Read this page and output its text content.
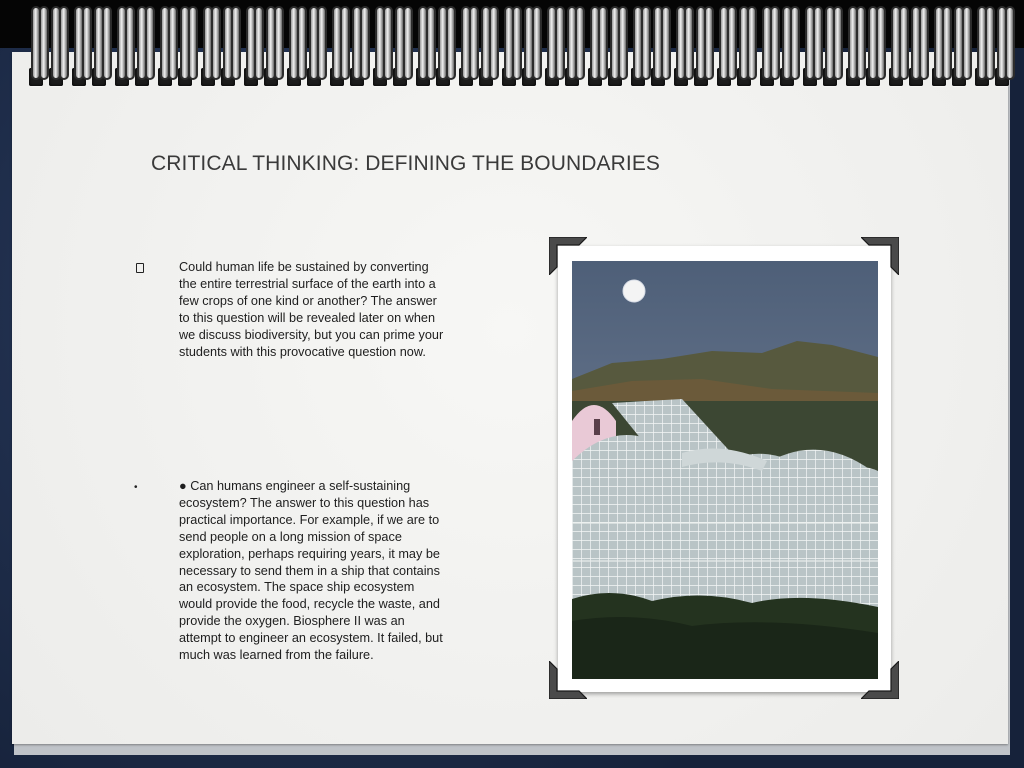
CRITICAL THINKING: DEFINING THE BOUNDARIES

Could human life be sustained by converting the entire terrestrial surface of the earth into a few crops of one kind or another? The answer to this question will be revealed later on when we discuss biodiversity, but you can prime your students with this provocative question now.

•	● Can humans engineer a self-sustaining ecosystem? The answer to this question has practical importance. For example, if we are to send people on a long mission of space exploration, perhaps requiring years, it may be necessary to send them in a ship that contains an ecosystem. The space ship ecosystem would provide the food, recycle the waste, and provide the oxygen. Biosphere II was an attempt to engineer an ecosystem. It failed, but much was learned from the failure.
